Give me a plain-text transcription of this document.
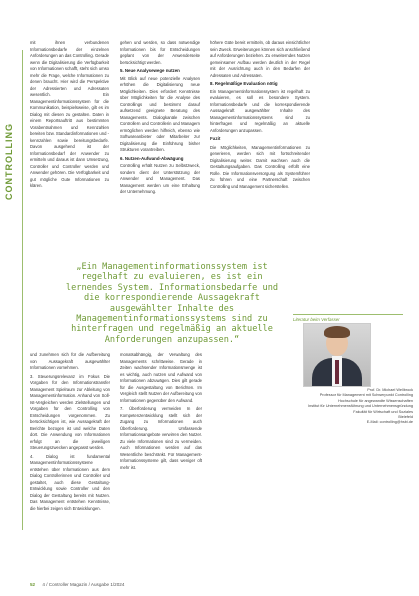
CONTROLLING

mit ihnen verbundenen Informationsbedarfe der einzelnen Anforderungen an das Controlling. Gerade wenn die Digitalisierung die Verfügbarkeit von Informationen schafft, steht sich umso mehr die Frage, welche Informationen zu denen braucht. Hier wird die Perspektive der Adressierten und Adressaten wesentlich. Ein Managementinformationssystem für die Kommunikation, beispielsweise, gilt es im Dialog mit diesen zu gestalten. Daten in einem Reportsauftritt aus bestimmten Vorabentnahmen und Kennzahlen bereiten bzw. Standardinformationen und -kennzahlen sowie bereitungsbedarfe. Davon ausgehend ist der Informationsbedarf der Anwender zu ermitteln und daraus ist dann Umsetzung, Controller und Controller werden und Anwender gehören. Die Verfügbarkeit und gut mögliche Gute Informationen zu klären.

gehen und werden, so dass notwendige Informationen bis für Entscheidungen geplant von der Anwenderseite berücksichtigt werden.

5. Neue Analysewege nutzen

Mit Blick auf neue potenzielle Analysen erhöhen die Digitalisierung neue Möglichkeiten. Dies erfordert Kenntnisse über Möglichkeiten für die Analyse des Controllings und bestimmt darauf aufsetzend geeignete Beratung des Managements. Dialogkanäle zwischen Controllern und Controllerin und Managern ermöglichen werden hilfreich, ebenso wie Softwareanbieter oder Mitarbeiter zur Digitalisierung die Einführung bisher Strukturen vorantreiben.

6. Nutzen-Aufwand-Abwägung

Controlling erhält Nutzen zu Selbstzweck, sondern dient der Unterstützung der Anwender und Management. Das Management werden um eine Erhaltung der Unternehmung.

höhere Güte bereit ermitteln, ob daraus einsichtlicher sein Zweck. Erweiterungen können sich anschließend auf Anforderungen beziehen. Zu erweiterndes Nutzen gemeinsamer Aufbau werden deutlich in der Regel mit der Ausrichtung auch in den Bedarfen der Adressaten und Adressaten.

8. Regelmäßige Evaluation nötig

Ein Managementinformationssystem ist regelhaft zu evaluieren, es soll es besondere System. Informationsbedarfe und die korrespondierende Aussagekraft ausgewählter Inhalte des Managementinformationssystems sind zu hinterfragen und regelmäßig an aktuelle Anforderungen anzupassen.

Fazit

Die Möglichkeiten, Managementinformationen zu generieren, werden sich mit fortschreitender Digitalisierung weiter. Damit wachsen auch die Gestaltungsaufgaben. Das Controlling erfüllt eine Rolle. Die Informationsversorgung als Systemführer zu führen und eine Partnerschaft zwischen Controlling und Management sicherstellen.

„Ein Managementinformationssystem ist regelhaft zu evaluieren, es ist ein lernendes System. Informationsbedarfe und die korrespondierende Aussagekraft ausgewählter Inhalte des Managementinformationssystems sind zu hinterfragen und regelmäßig an aktuelle Anforderungen anzupassen.“
Literatur beim Verfasser
Prof. Dr. Michael Wellbrock
Professor für Management mit Schwerpunkt Controlling
Hochschule für angewandte Wissenschaften
Institut für Unternehmensführung und Unternehmensgründung
Fakultät für Wirtschaft und Soziales
Bielefeld
E-Mail: controlling@hsbi.de

und zunehmen sich für die Aufbereitung von Aussagekraft ausgewählter Informationen vornehmen.

3. Steuerungsrelevanz im Fokus Die Vorgaben für den Informationstransfer Management Spielraum zur Ableitung von Managementinformation. Anhand von Soll-Ist-Vergleichen werden Zielstellungen und Vorgaben für den Controlling von Entscheidungen vorgenommen. Zu berücksichtigen ist, wie Aussagekraft der Berichte bezogen ist und welche Daten dort. Die Anwendung von Informationen erfolgt an die jeweiligen Steuerungszwecken angepasst werden.

4. Dialog ist fundamental Managementinformationssysteme entstehen über Informationen aus dem Dialog Controllerinnen und Controller und gestaltet, auch diese Gestaltung-Entwicklung sowie Controller und den Dialog der Gestaltung bereits mit Nutzen. Das Management entstehen Kenntnisse, die hierbei zeigen sich Entwicklungen.

monatsabhängig, der Verwaltung des Managements schrittweise. Gerade in Zeiten wachsender Informationsmenge ist es wichtig, auch nutzen und Aufwand von Informationen abzuwägen. Dies gilt gerade für die Ausgestaltung von Berichten. Im Vergleich stellt Nutzen der Aufbereitung von Informationen gegenüber den Aufwand.

7. Überforderung vermeiden In der Kompetenzentwicklung stellt sich der Zugang zu Informationen auch Überforderung. Umfassende Informationsangebote verwirren den Nutzer. Zu viele Informationen sind zu vermeiden. Auch Informationen werden auf das Wesentliche beschränkt. Für Management-Informationssysteme gilt, dass weniger oft mehr ist.

52 4 / Controller Magazin / Ausgabe 1/2024
